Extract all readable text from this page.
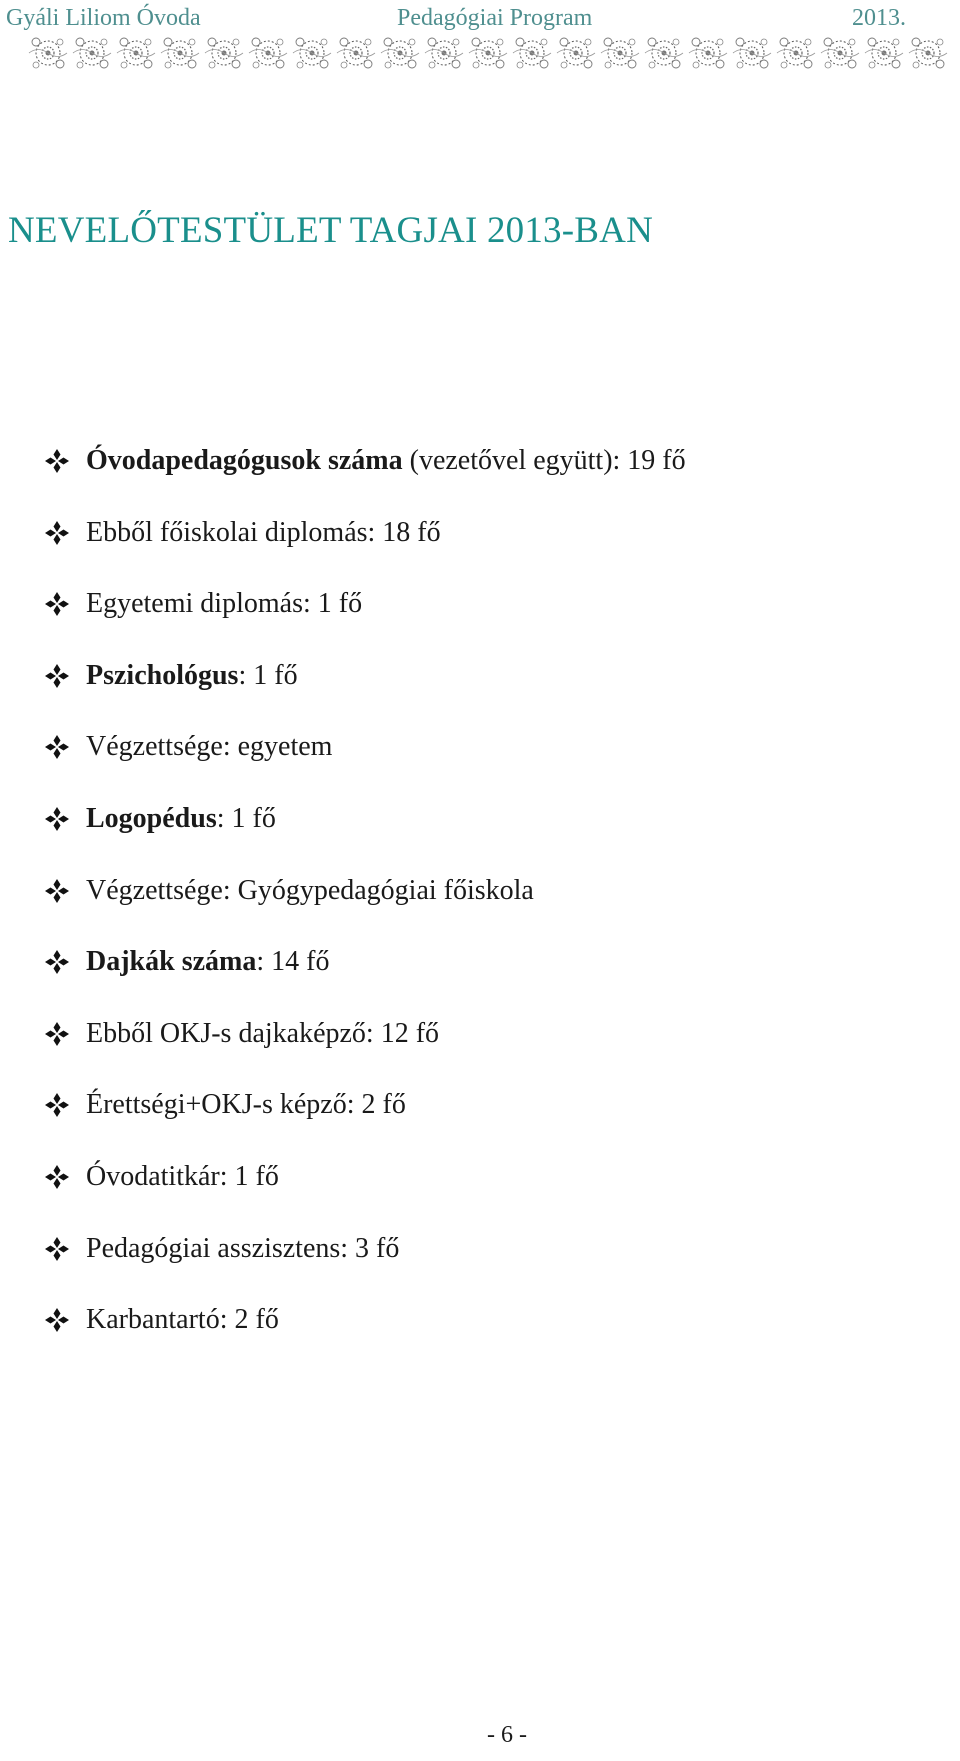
Gyáli Liliom Óvoda	Pedagógiai Program	2013.
NEVELŐTESTÜLET TAGJAI 2013-BAN
Óvodapedagógusok száma (vezetővel együtt): 19 fő
Ebből főiskolai diplomás: 18 fő
Egyetemi diplomás: 1 fő
Pszichológus: 1 fő
Végzettsége: egyetem
Logopédus: 1 fő
Végzettsége: Gyógypedagógiai főiskola
Dajkák száma: 14 fő
Ebből OKJ-s dajkaképző: 12 fő
Érettségi+OKJ-s képző: 2 fő
Óvodatitkár: 1 fő
Pedagógiai asszisztens: 3 fő
Karbantartó: 2 fő
- 6 -
